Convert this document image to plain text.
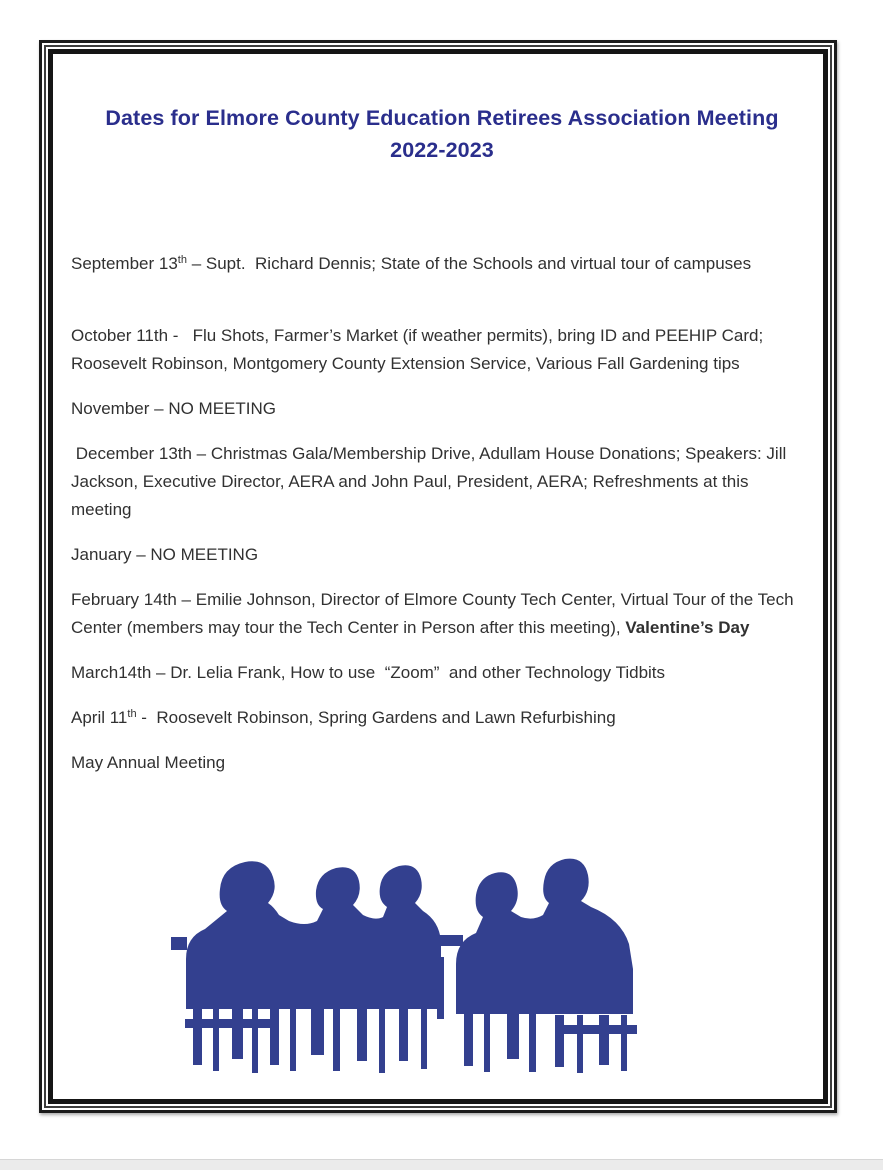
Dates for Elmore County Education Retirees Association Meeting
2022-2023

September 13th – Supt.  Richard Dennis; State of the Schools and virtual tour of campuses

October 11th -   Flu Shots, Farmer’s Market (if weather permits), bring ID and PEEHIP Card; Roosevelt Robinson, Montgomery County Extension Service, Various Fall Gardening tips

November – NO MEETING

December 13th – Christmas Gala/Membership Drive, Adullam House Donations; Speakers: Jill Jackson, Executive Director, AERA and John Paul, President, AERA; Refreshments at this meeting

January – NO MEETING

February 14th – Emilie Johnson, Director of Elmore County Tech Center, Virtual Tour of the Tech Center (members may tour the Tech Center in Person after this meeting), Valentine’s Day

March14th – Dr. Lelia Frank, How to use  “Zoom”  and other Technology Tidbits

April 11th -  Roosevelt Robinson, Spring Gardens and Lawn Refurbishing

May Annual Meeting
